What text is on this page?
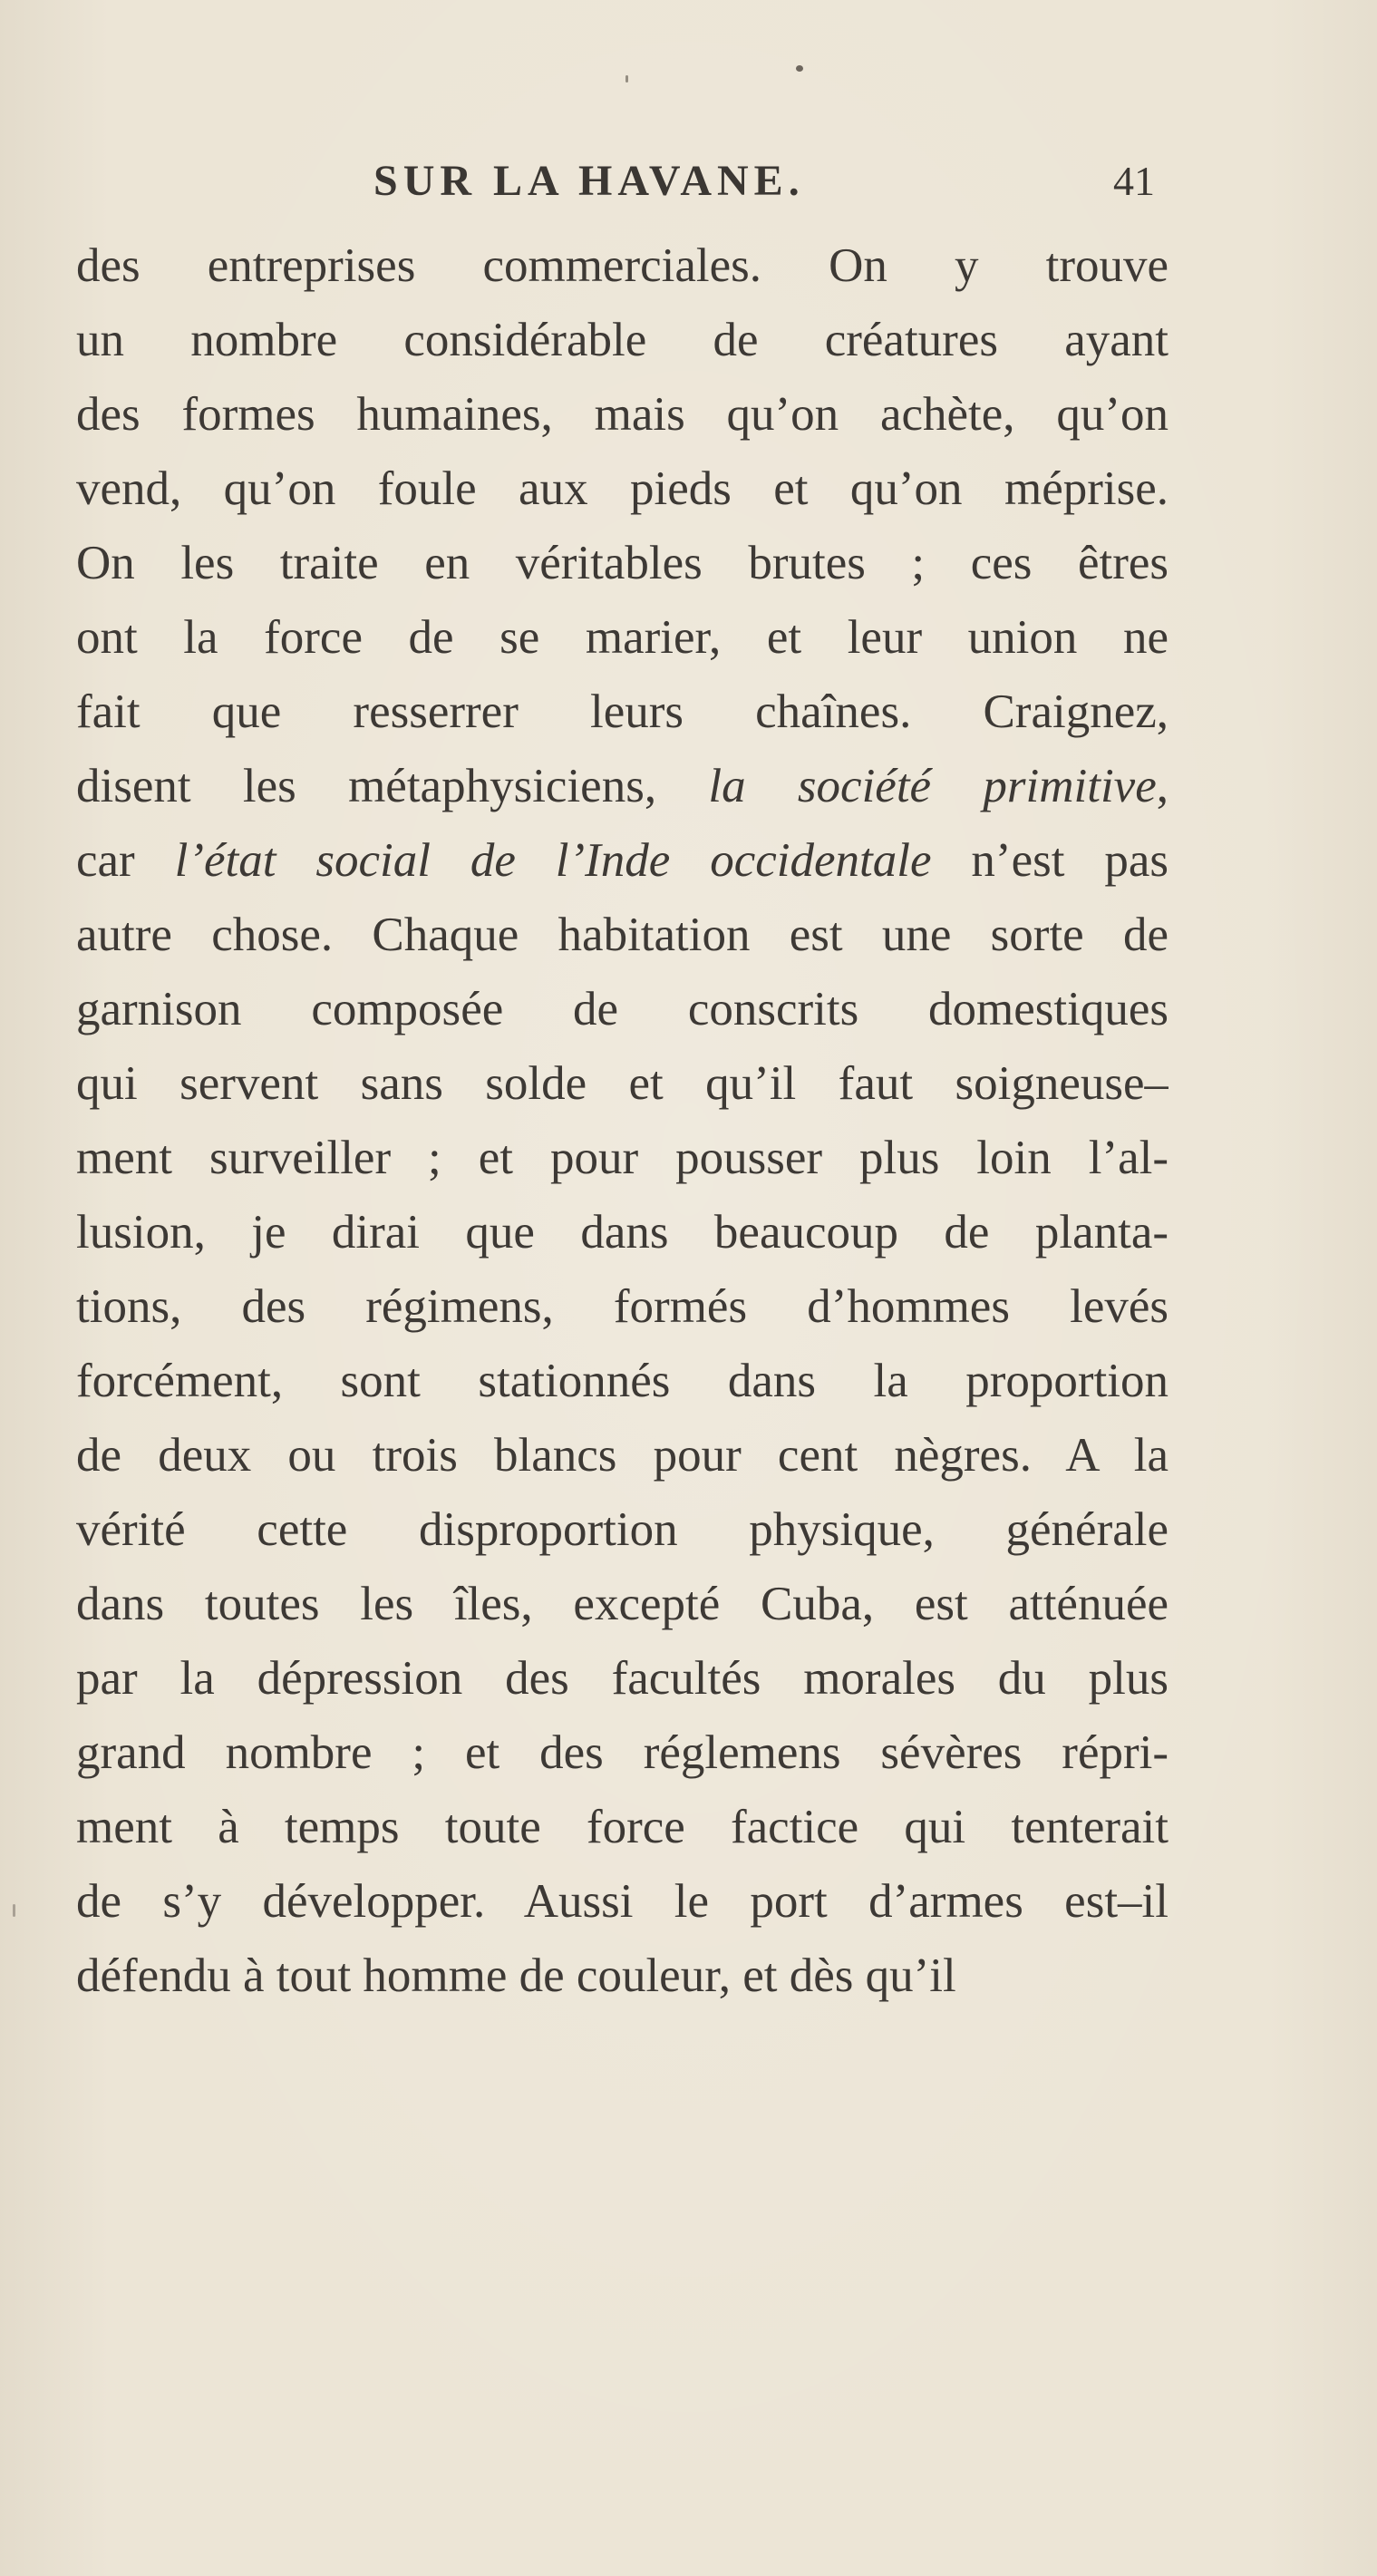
SUR LA HAVANE.	41
des entreprises commerciales. On y trouve
un nombre considérable de créatures ayant
des formes humaines, mais qu’on achète, qu’on
vend, qu’on foule aux pieds et qu’on méprise.
On les traite en véritables brutes ; ces êtres
ont la force de se marier, et leur union ne
fait que resserrer leurs chaînes. Craignez,
disent les métaphysiciens, la société primitive,
car l’état social de l’Inde occidentale n’est pas
autre chose. Chaque habitation est une sorte de
garnison composée de conscrits domestiques
qui servent sans solde et qu’il faut soigneuse–
ment surveiller ; et pour pousser plus loin l’al-
lusion, je dirai que dans beaucoup de planta-
tions, des régimens, formés d’hommes levés
forcément, sont stationnés dans la proportion
de deux ou trois blancs pour cent nègres. A la
vérité cette disproportion physique, générale
dans toutes les îles, excepté Cuba, est atténuée
par la dépression des facultés morales du plus
grand nombre ; et des réglemens sévères répri-
ment à temps toute force factice qui tenterait
de s’y développer. Aussi le port d’armes est–il
défendu à tout homme de couleur, et dès qu’il
